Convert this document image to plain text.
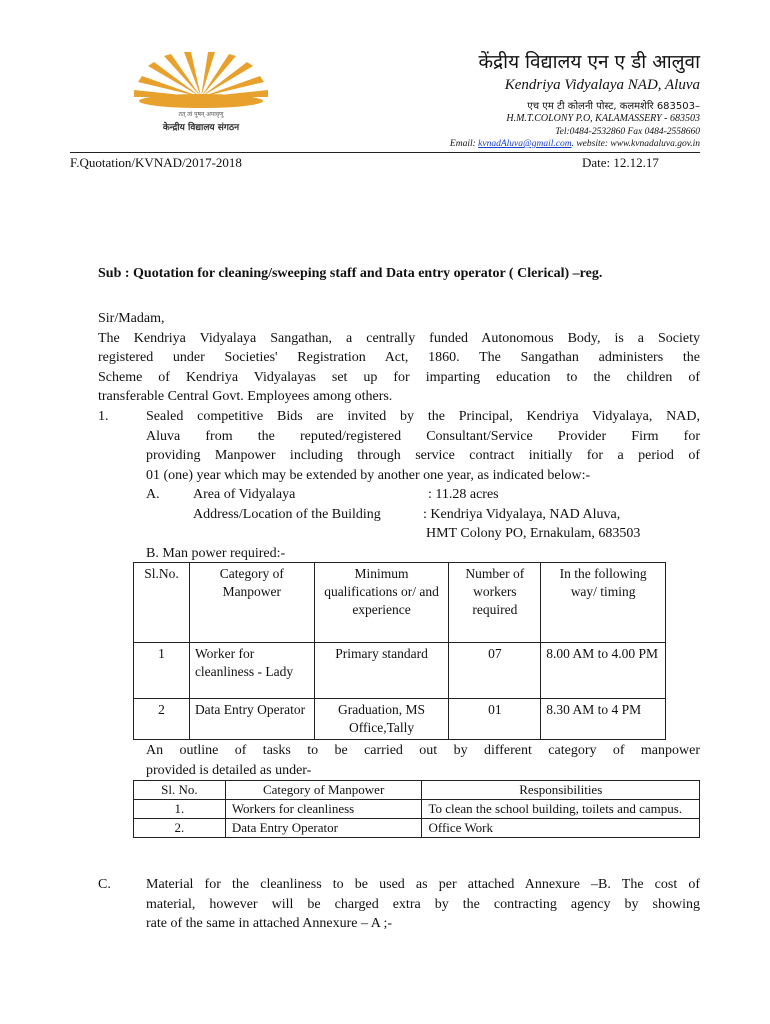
तत् त्वं पूषन् अपावृणु
केन्द्रीय विद्यालय संगठन
केंद्रीय विद्यालय एन ए डी आलुवा
Kendriya Vidyalaya NAD, Aluva
एच एम टी कोलनी पोस्ट, कलमशेरि 683503–
H.M.T.COLONY P.O, KALAMASSERY - 683503
Tel:0484-2532860 Fax 0484-2558660
Email: kvnadAluva@gmail.com. website: www.kvnadaluva.gov.in
F.Quotation/KVNAD/2017-2018	Date: 12.12.17
Sub : Quotation for cleaning/sweeping staff and Data entry operator ( Clerical) –reg.
Sir/Madam,
The Kendriya Vidyalaya Sangathan, a centrally funded Autonomous Body, is a Society
registered under Societies' Registration Act, 1860. The Sangathan administers the
Scheme of Kendriya Vidyalayas set up for imparting education to the children of
transferable Central Govt. Employees among others.
1.	Sealed competitive Bids are invited by the Principal, Kendriya Vidyalaya, NAD,
Aluva from the reputed/registered Consultant/Service Provider Firm for
providing Manpower including through service contract initially for a period of
01 (one) year which may be extended by another one year, as indicated below:-
A. Area of Vidyalaya	: 11.28 acres
Address/Location of the Building	: Kendriya Vidyalaya, NAD Aluva,
HMT Colony PO, Ernakulam, 683503
B. Man power required:-
Sl.No.	Category of Manpower	Minimum qualifications or/ and experience	Number of workers required	In the following way/ timing
1	Worker for cleanliness - Lady	Primary standard	07	8.00 AM to 4.00 PM
2	Data Entry Operator	Graduation, MS Office,Tally	01	8.30 AM to 4 PM
An outline of tasks to be carried out by different category of manpower
provided is detailed as under-
Sl. No.	Category of Manpower	Responsibilities
1.	Workers for cleanliness	To clean the school building, toilets and campus.
2.	Data Entry Operator	Office Work
C.	Material for the cleanliness to be used as per attached Annexure –B. The cost of
material, however will be charged extra by the contracting agency by showing
rate of the same in attached Annexure – A ;-
